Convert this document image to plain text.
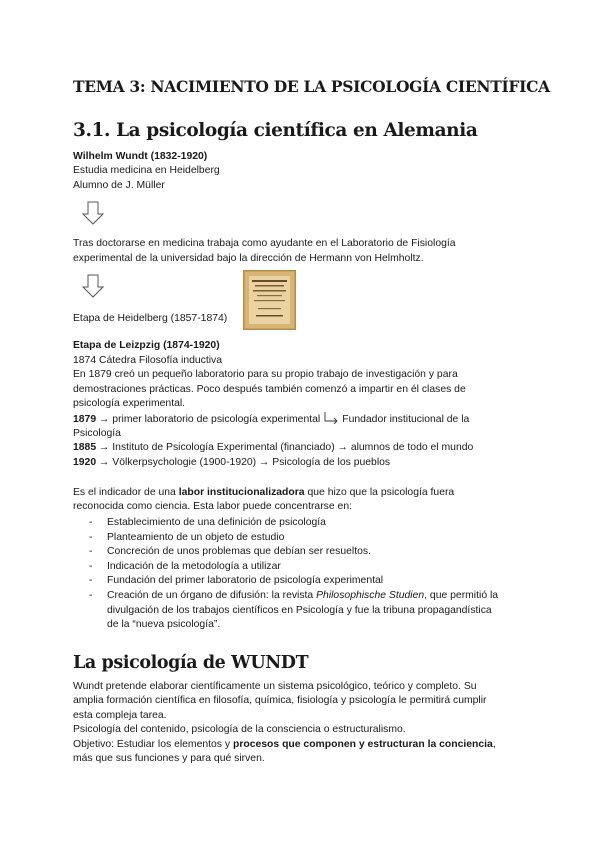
TEMA 3: NACIMIENTO DE LA PSICOLOGÍA CIENTÍFICA
3.1. La psicología científica en Alemania
Wilhelm Wundt (1832-1920)
Estudia medicina en Heidelberg
Alumno de J. Müller
Tras doctorarse en medicina trabaja como ayudante en el Laboratorio de Fisiología
experimental de la universidad bajo la dirección de Hermann von Helmholtz.
Etapa de Heidelberg (1857-1874)
Etapa de Leizpzig (1874-1920)
1874 Cátedra Filosofía inductiva
En 1879 creó un pequeño laboratorio para su propio trabajo de investigación y para
demostraciones prácticas. Poco después también comenzó a impartir en él clases de
psicología experimental.
1879 → primer laboratorio de psicología experimental Fundador institucional de la
Psicología
1885 → Instituto de Psicología Experimental (financiado) → alumnos de todo el mundo
1920 → Völkerpsychologie (1900-1920) → Psicología de los pueblos
Es el indicador de una labor institucionalizadora que hizo que la psicología fuera
reconocida como ciencia. Esta labor puede concentrarse en:
- Establecimiento de una definición de psicología
- Planteamiento de un objeto de estudio
- Concreción de unos problemas que debían ser resueltos.
- Indicación de la metodología a utilizar
- Fundación del primer laboratorio de psicología experimental
- Creación de un órgano de difusión: la revista Philosophische Studien, que permitió la
divulgación de los trabajos científicos en Psicología y fue la tribuna propagandística
de la “nueva psicología”.
La psicología de WUNDT
Wundt pretende elaborar científicamente un sistema psicológico, teórico y completo. Su
amplia formación científica en filosofía, química, fisiología y psicología le permitirá cumplir
esta compleja tarea.
Psicología del contenido, psicología de la consciencia o estructuralismo.
Objetivo: Estudiar los elementos y procesos que componen y estructuran la conciencia,
más que sus funciones y para qué sirven.
